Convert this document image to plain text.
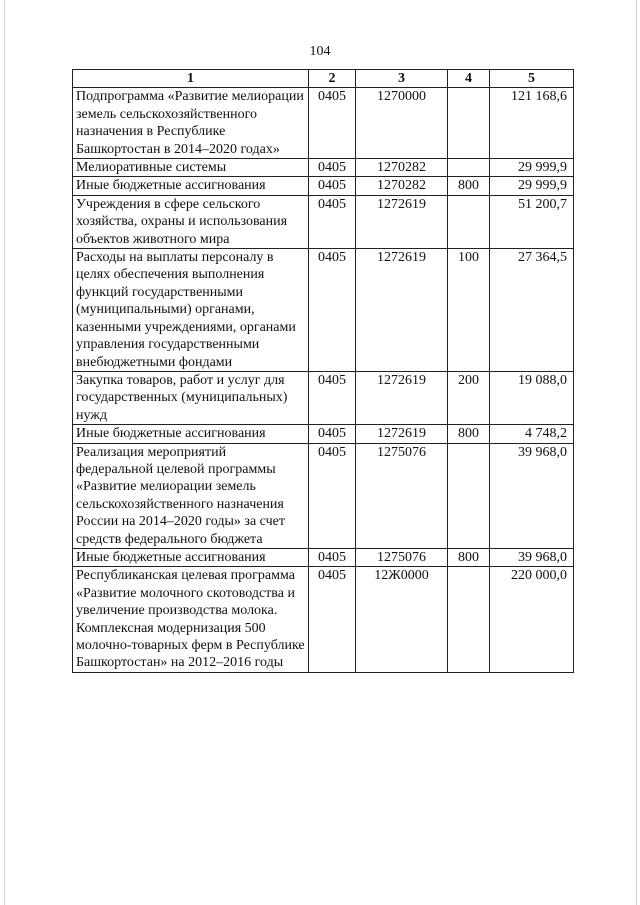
104
1	2	3	4	5
Подпрограмма «Развитие мелиорации земель сельскохозяйственного назначения в Республике Башкортостан в 2014–2020 годах»	0405	1270000		121 168,6
Мелиоративные системы	0405	1270282		29 999,9
Иные бюджетные ассигнования	0405	1270282	800	29 999,9
Учреждения в сфере сельского хозяйства, охраны и использования объектов животного мира	0405	1272619		51 200,7
Расходы на выплаты персоналу в целях обеспечения выполнения функций государственными (муниципальными) органами, казенными учреждениями, органами управления государственными внебюджетными фондами	0405	1272619	100	27 364,5
Закупка товаров, работ и услуг для государственных (муниципальных) нужд	0405	1272619	200	19 088,0
Иные бюджетные ассигнования	0405	1272619	800	4 748,2
Реализация мероприятий федеральной целевой программы «Развитие мелиорации земель сельскохозяйственного назначения России на 2014–2020 годы» за счет средств федерального бюджета	0405	1275076		39 968,0
Иные бюджетные ассигнования	0405	1275076	800	39 968,0
Республиканская целевая программа «Развитие молочного скотоводства и увеличение производства молока. Комплексная модернизация 500 молочно-товарных ферм в Республике Башкортостан» на 2012–2016 годы	0405	12Ж0000		220 000,0
